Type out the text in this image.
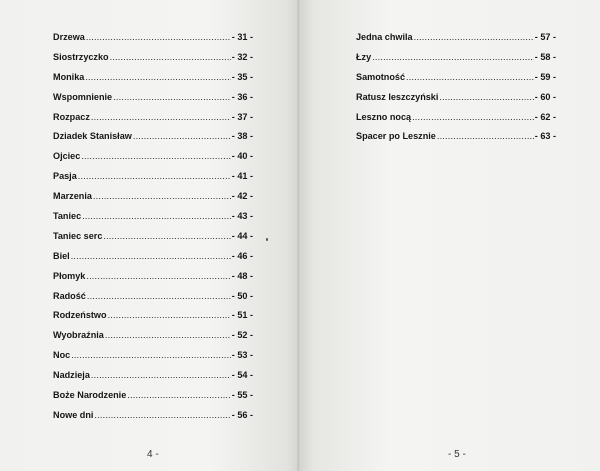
Drzewa .....	- 31 -
Siostrzyczko .....	- 32 -
Monika .....	- 35 -
Wspomnienie .....	- 36 -
Rozpacz .....	- 37 -
Dziadek Stanisław .....	- 38 -
Ojciec .....	- 40 -
Pasja .....	- 41 -
Marzenia .....	- 42 -
Taniec .....	- 43 -
Taniec serc .....	- 44 -
Biel .....	- 46 -
Płomyk .....	- 48 -
Radość .....	- 50 -
Rodzeństwo .....	- 51 -
Wyobraźnia .....	- 52 -
Noc .....	- 53 -
Nadzieja .....	- 54 -
Boże Narodzenie .....	- 55 -
Nowe dni .....	- 56 -
4 -
Jedna chwila .....	- 57 -
Łzy .....	- 58 -
Samotność .....	- 59 -
Ratusz leszczyński .....	- 60 -
Leszno nocą .....	- 62 -
Spacer po Lesznie .....	- 63 -
- 5 -
